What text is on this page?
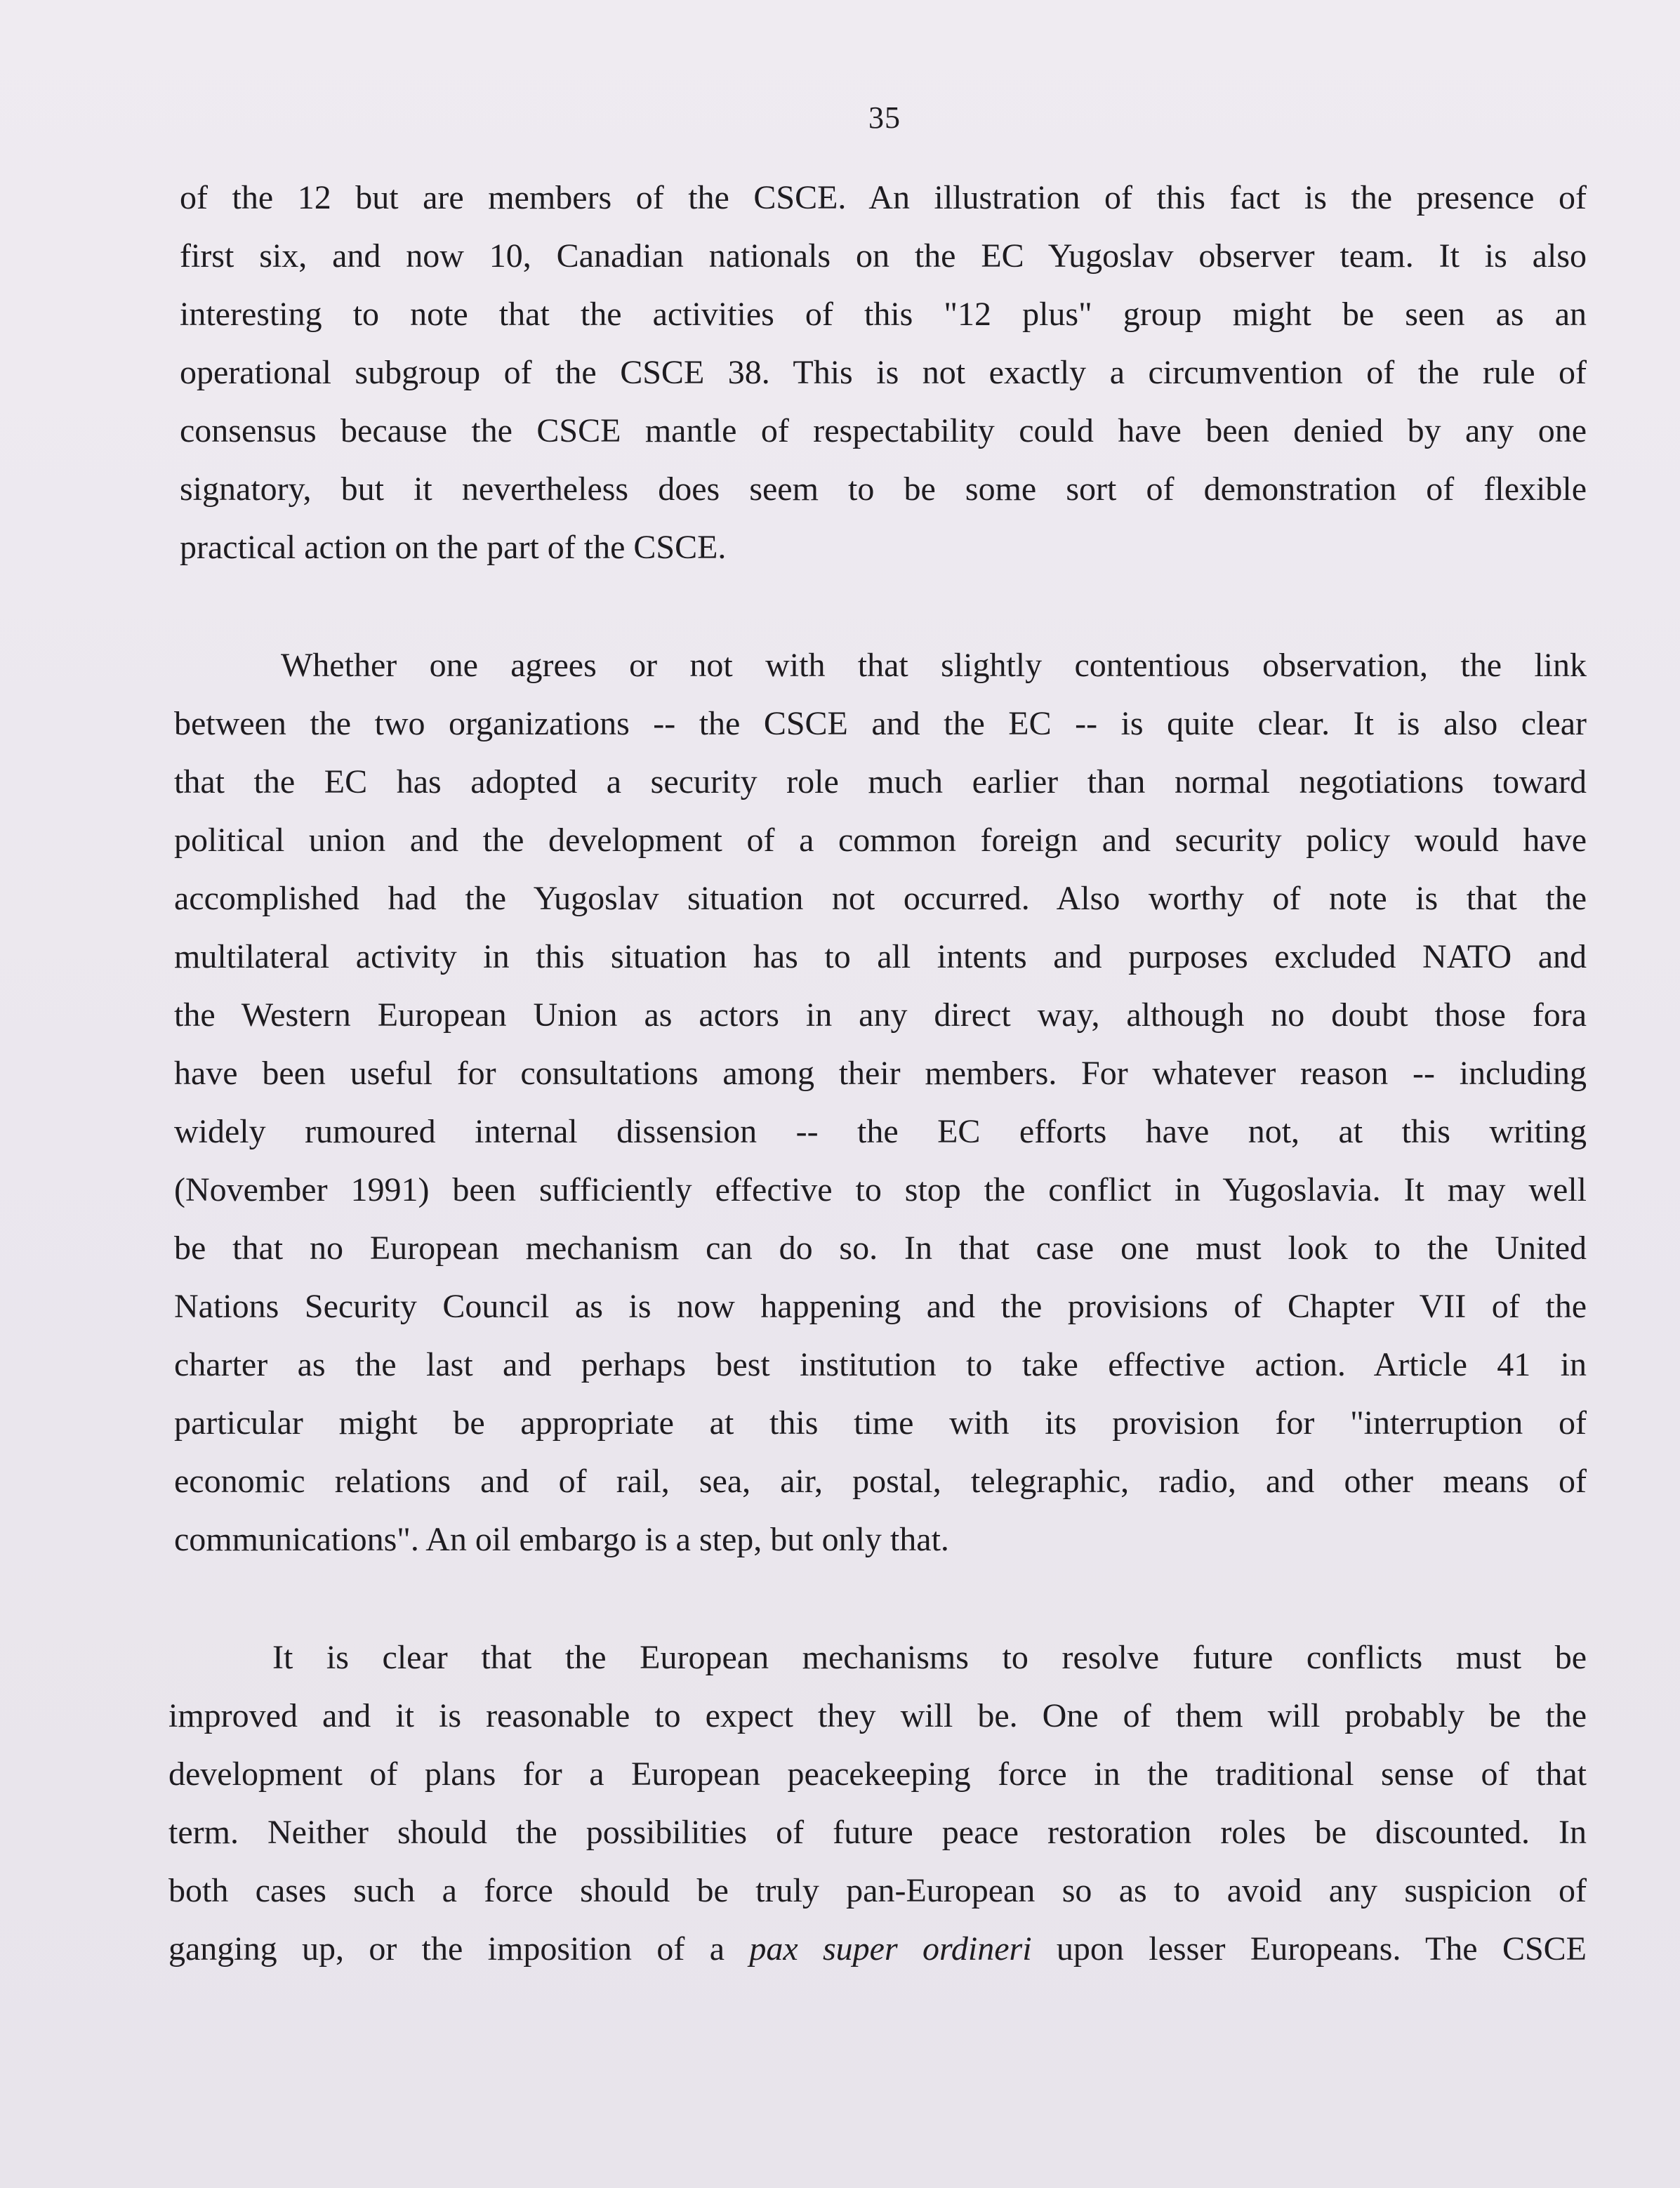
35
of the 12 but are members of the CSCE. An illustration of this fact is the presence of
first six, and now 10, Canadian nationals on the EC Yugoslav observer team. It is also
interesting to note that the activities of this "12 plus" group might be seen as an
operational subgroup of the CSCE 38. This is not exactly a circumvention of the rule of
consensus because the CSCE mantle of respectability could have been denied by any one
signatory, but it nevertheless does seem to be some sort of demonstration of flexible
practical action on the part of the CSCE.
Whether one agrees or not with that slightly contentious observation, the link
between the two organizations -- the CSCE and the EC -- is quite clear. It is also clear
that the EC has adopted a security role much earlier than normal negotiations toward
political union and the development of a common foreign and security policy would have
accomplished had the Yugoslav situation not occurred. Also worthy of note is that the
multilateral activity in this situation has to all intents and purposes excluded NATO and
the Western European Union as actors in any direct way, although no doubt those fora
have been useful for consultations among their members. For whatever reason -- including
widely rumoured internal dissension -- the EC efforts have not, at this writing
(November 1991) been sufficiently effective to stop the conflict in Yugoslavia. It may well
be that no European mechanism can do so. In that case one must look to the United
Nations Security Council as is now happening and the provisions of Chapter VII of the
charter as the last and perhaps best institution to take effective action. Article 41 in
particular might be appropriate at this time with its provision for "interruption of
economic relations and of rail, sea, air, postal, telegraphic, radio, and other means of
communications". An oil embargo is a step, but only that.
It is clear that the European mechanisms to resolve future conflicts must be
improved and it is reasonable to expect they will be. One of them will probably be the
development of plans for a European peacekeeping force in the traditional sense of that
term. Neither should the possibilities of future peace restoration roles be discounted. In
both cases such a force should be truly pan-European so as to avoid any suspicion of
ganging up, or the imposition of a pax super ordineri upon lesser Europeans. The CSCE
